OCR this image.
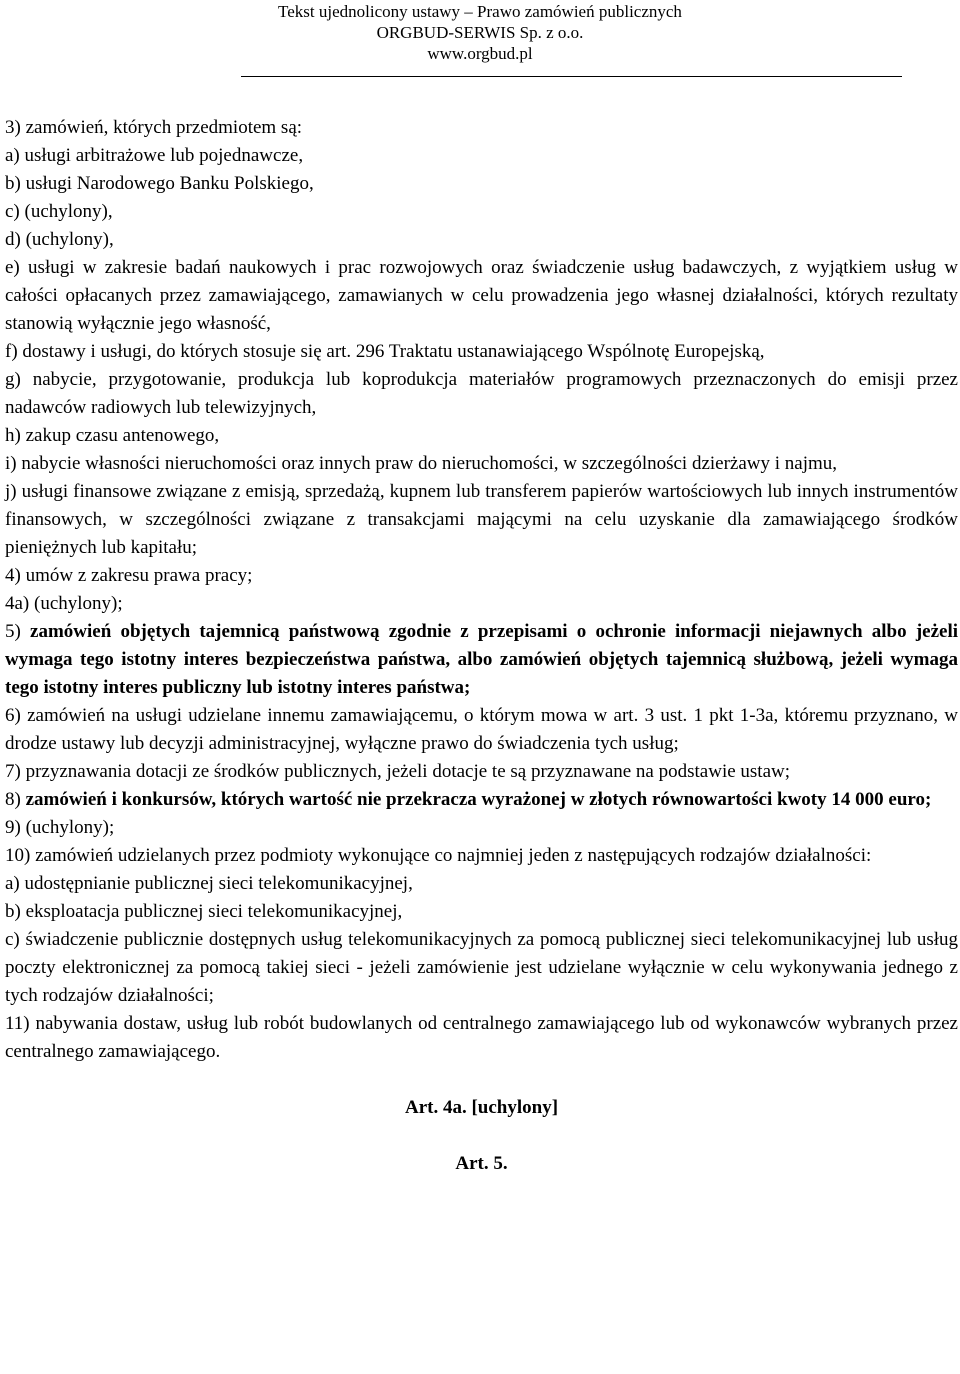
Tekst ujednolicony ustawy – Prawo zamówień publicznych
ORGBUD-SERWIS Sp. z o.o.
www.orgbud.pl

3) zamówień, których przedmiotem są:

a) usługi arbitrażowe lub pojednawcze,

b) usługi Narodowego Banku Polskiego,

c) (uchylony),

d) (uchylony),

e) usługi w zakresie badań naukowych i prac rozwojowych oraz świadczenie usług badawczych, z wyjątkiem usług w całości opłacanych przez zamawiającego, zamawianych w celu prowadzenia jego własnej działalności, których rezultaty stanowią wyłącznie jego własność,

f) dostawy i usługi, do których stosuje się art. 296 Traktatu ustanawiającego Wspólnotę Europejską,

g) nabycie, przygotowanie, produkcja lub koprodukcja materiałów programowych przeznaczonych do emisji przez nadawców radiowych lub telewizyjnych,

h) zakup czasu antenowego,

i) nabycie własności nieruchomości oraz innych praw do nieruchomości, w szczególności dzierżawy i najmu,

j) usługi finansowe związane z emisją, sprzedażą, kupnem lub transferem papierów wartościowych lub innych instrumentów finansowych, w szczególności związane z transakcjami mającymi na celu uzyskanie dla zamawiającego środków pieniężnych lub kapitału;

4) umów z zakresu prawa pracy;

4a) (uchylony);

5) zamówień objętych tajemnicą państwową zgodnie z przepisami o ochronie informacji niejawnych albo jeżeli wymaga tego istotny interes bezpieczeństwa państwa, albo zamówień objętych tajemnicą służbową, jeżeli wymaga tego istotny interes publiczny lub istotny interes państwa;

6) zamówień na usługi udzielane innemu zamawiającemu, o którym mowa w art. 3 ust. 1 pkt 1-3a, któremu przyznano, w drodze ustawy lub decyzji administracyjnej, wyłączne prawo do świadczenia tych usług;

7) przyznawania dotacji ze środków publicznych, jeżeli dotacje te są przyznawane na podstawie ustaw;

8) zamówień i konkursów, których wartość nie przekracza wyrażonej w złotych równowartości kwoty 14 000 euro;

9) (uchylony);

10) zamówień udzielanych przez podmioty wykonujące co najmniej jeden z następujących rodzajów działalności:

a) udostępnianie publicznej sieci telekomunikacyjnej,

b) eksploatacja publicznej sieci telekomunikacyjnej,

c) świadczenie publicznie dostępnych usług telekomunikacyjnych za pomocą publicznej sieci telekomunikacyjnej lub usług poczty elektronicznej za pomocą takiej sieci - jeżeli zamówienie jest udzielane wyłącznie w celu wykonywania jednego z tych rodzajów działalności;

11) nabywania dostaw, usług lub robót budowlanych od centralnego zamawiającego lub od wykonawców wybranych przez centralnego zamawiającego.

Art. 4a. [uchylony]

Art. 5.
